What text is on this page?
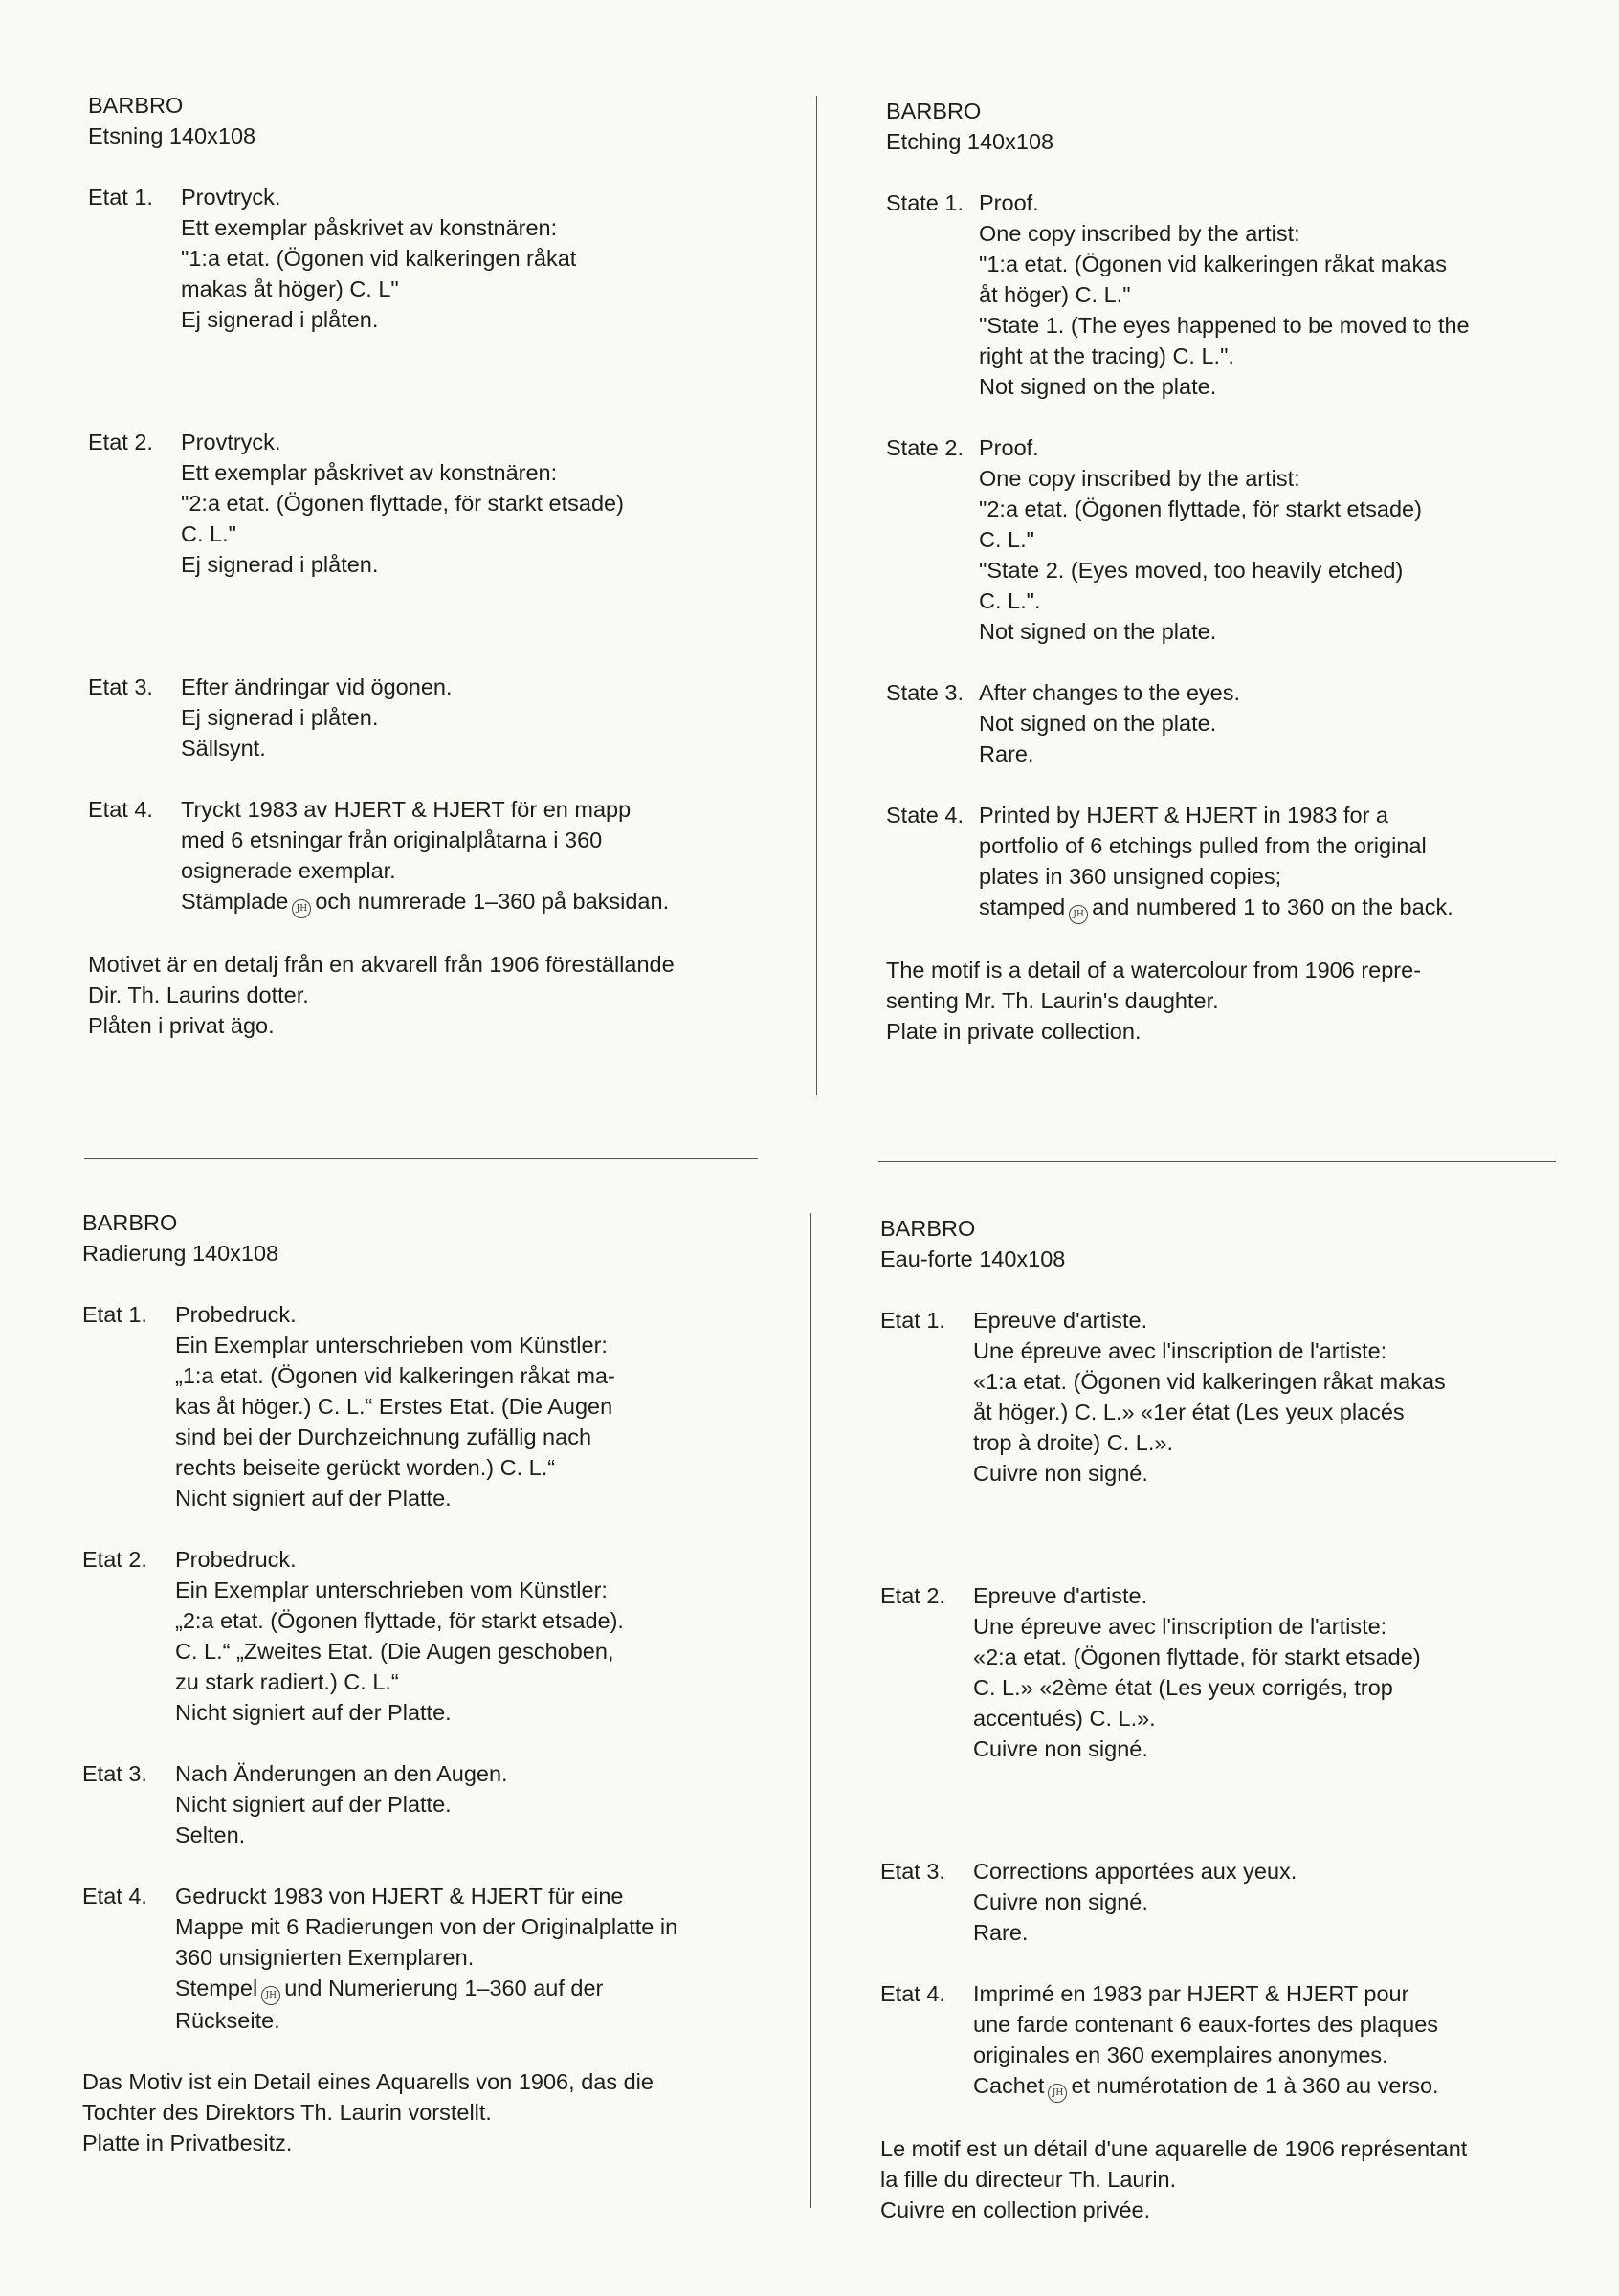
BARBRO

Etsning 140x108

Etat 1.	Provtryck.

Ett exemplar påskrivet av konstnären:

"1:a etat. (Ögonen vid kalkeringen råkat

makas åt höger) C. L"

Ej signerad i plåten.

Etat 2.	Provtryck.

Ett exemplar påskrivet av konstnären:

"2:a etat. (Ögonen flyttade, för starkt etsade)

C. L."

Ej signerad i plåten.

Etat 3.	Efter ändringar vid ögonen.

Ej signerad i plåten.

Sällsynt.

Etat 4.	Tryckt 1983 av HJERT & HJERT för en mapp

med 6 etsningar från originalplåtarna i 360

osignerade exemplar.

Stämplade JH och numrerade 1–360 på baksidan.

Motivet är en detalj från en akvarell från 1906 föreställande
Dir. Th. Laurins dotter.

Plåten i privat ägo.

BARBRO

Etching 140x108

State 1. Proof.

One copy inscribed by the artist:

"1:a etat. (Ögonen vid kalkeringen råkat makas

åt höger) C. L."

"State 1. (The eyes happened to be moved to the

right at the tracing) C. L.".

Not signed on the plate.

State 2. Proof.

One copy inscribed by the artist:

"2:a etat. (Ögonen flyttade, för starkt etsade)

C. L."

"State 2. (Eyes moved, too heavily etched)

C. L.".

Not signed on the plate.

State 3. After changes to the eyes.

Not signed on the plate.

Rare.

State 4. Printed by HJERT & HJERT in 1983 for a

portfolio of 6 etchings pulled from the original

plates in 360 unsigned copies;

stamped JH and numbered 1 to 360 on the back.

The motif is a detail of a watercolour from 1906 repre-
senting Mr. Th. Laurin's daughter.

Plate in private collection.

BARBRO

Radierung 140x108

Etat 1.	Probedruck.

Ein Exemplar unterschrieben vom Künstler:

„1:a etat. (Ögonen vid kalkeringen råkat ma-

kas åt höger.) C. L.“ Erstes Etat. (Die Augen

sind bei der Durchzeichnung zufällig nach

rechts beiseite gerückt worden.) C. L.“

Nicht signiert auf der Platte.

Etat 2.	Probedruck.

Ein Exemplar unterschrieben vom Künstler:

„2:a etat. (Ögonen flyttade, för starkt etsade).

C. L.“ „Zweites Etat. (Die Augen geschoben,

zu stark radiert.) C. L.“

Nicht signiert auf der Platte.

Etat 3.	Nach Änderungen an den Augen.

Nicht signiert auf der Platte.

Selten.

Etat 4.	Gedruckt 1983 von HJERT & HJERT für eine

Mappe mit 6 Radierungen von der Originalplatte in

360 unsignierten Exemplaren.

Stempel JH und Numerierung 1–360 auf der

Rückseite.

Das Motiv ist ein Detail eines Aquarells von 1906, das die
Tochter des Direktors Th. Laurin vorstellt.

Platte in Privatbesitz.

BARBRO

Eau-forte 140x108

Etat 1.	Epreuve d'artiste.

Une épreuve avec l'inscription de l'artiste:

«1:a etat. (Ögonen vid kalkeringen råkat makas

åt höger.) C. L.» «1er état (Les yeux placés

trop à droite) C. L.».

Cuivre non signé.

Etat 2.	Epreuve d'artiste.

Une épreuve avec l'inscription de l'artiste:

«2:a etat. (Ögonen flyttade, för starkt etsade)

C. L.» «2ème état (Les yeux corrigés, trop

accentués) C. L.».

Cuivre non signé.

Etat 3.	Corrections apportées aux yeux.

Cuivre non signé.

Rare.

Etat 4.	Imprimé en 1983 par HJERT & HJERT pour

une farde contenant 6 eaux-fortes des plaques

originales en 360 exemplaires anonymes.

Cachet JH et numérotation de 1 à 360 au verso.

Le motif est un détail d'une aquarelle de 1906 représentant
la fille du directeur Th. Laurin.

Cuivre en collection privée.
